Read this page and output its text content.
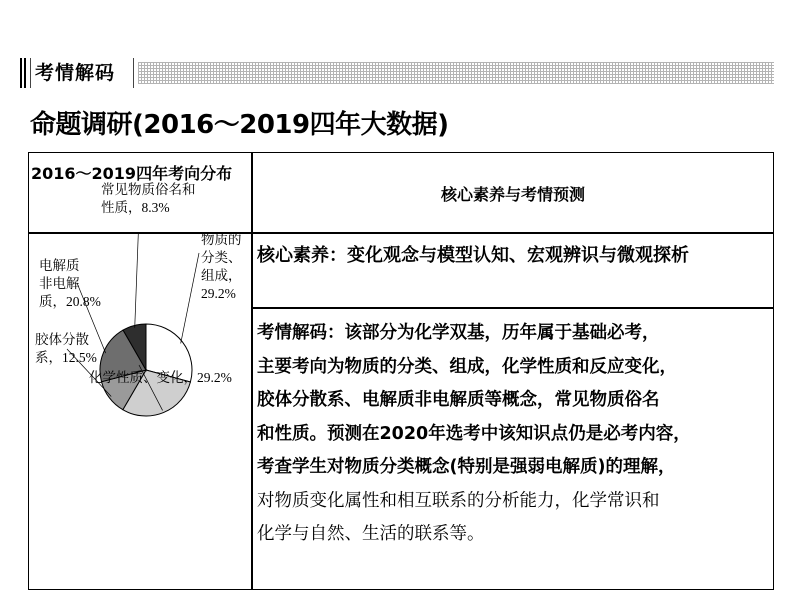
考情解码
命题调研(2016～2019四年大数据)
2016～2019四年考向分布
核心素养与考情预测
核心素养：变化观念与模型认知、宏观辨识与微观探析
考情解码：该部分为化学双基，历年属于基础必考，
主要考向为物质的分类、组成，化学性质和反应变化，
胶体分散系、电解质非电解质等概念，常见物质俗名
和性质。预测在2020年选考中该知识点仍是必考内容，
考查学生对物质分类概念(特别是强弱电解质)的理解，
对物质变化属性和相互联系的分析能力，化学常识和
化学与自然、生活的联系等。
物质的
分类、
组成，
29.2%
化学性质、变化，29.2%
胶体分散
系，12.5%
电解质
非电解
质，20.8%
常见物质俗名和
性质，8.3%
